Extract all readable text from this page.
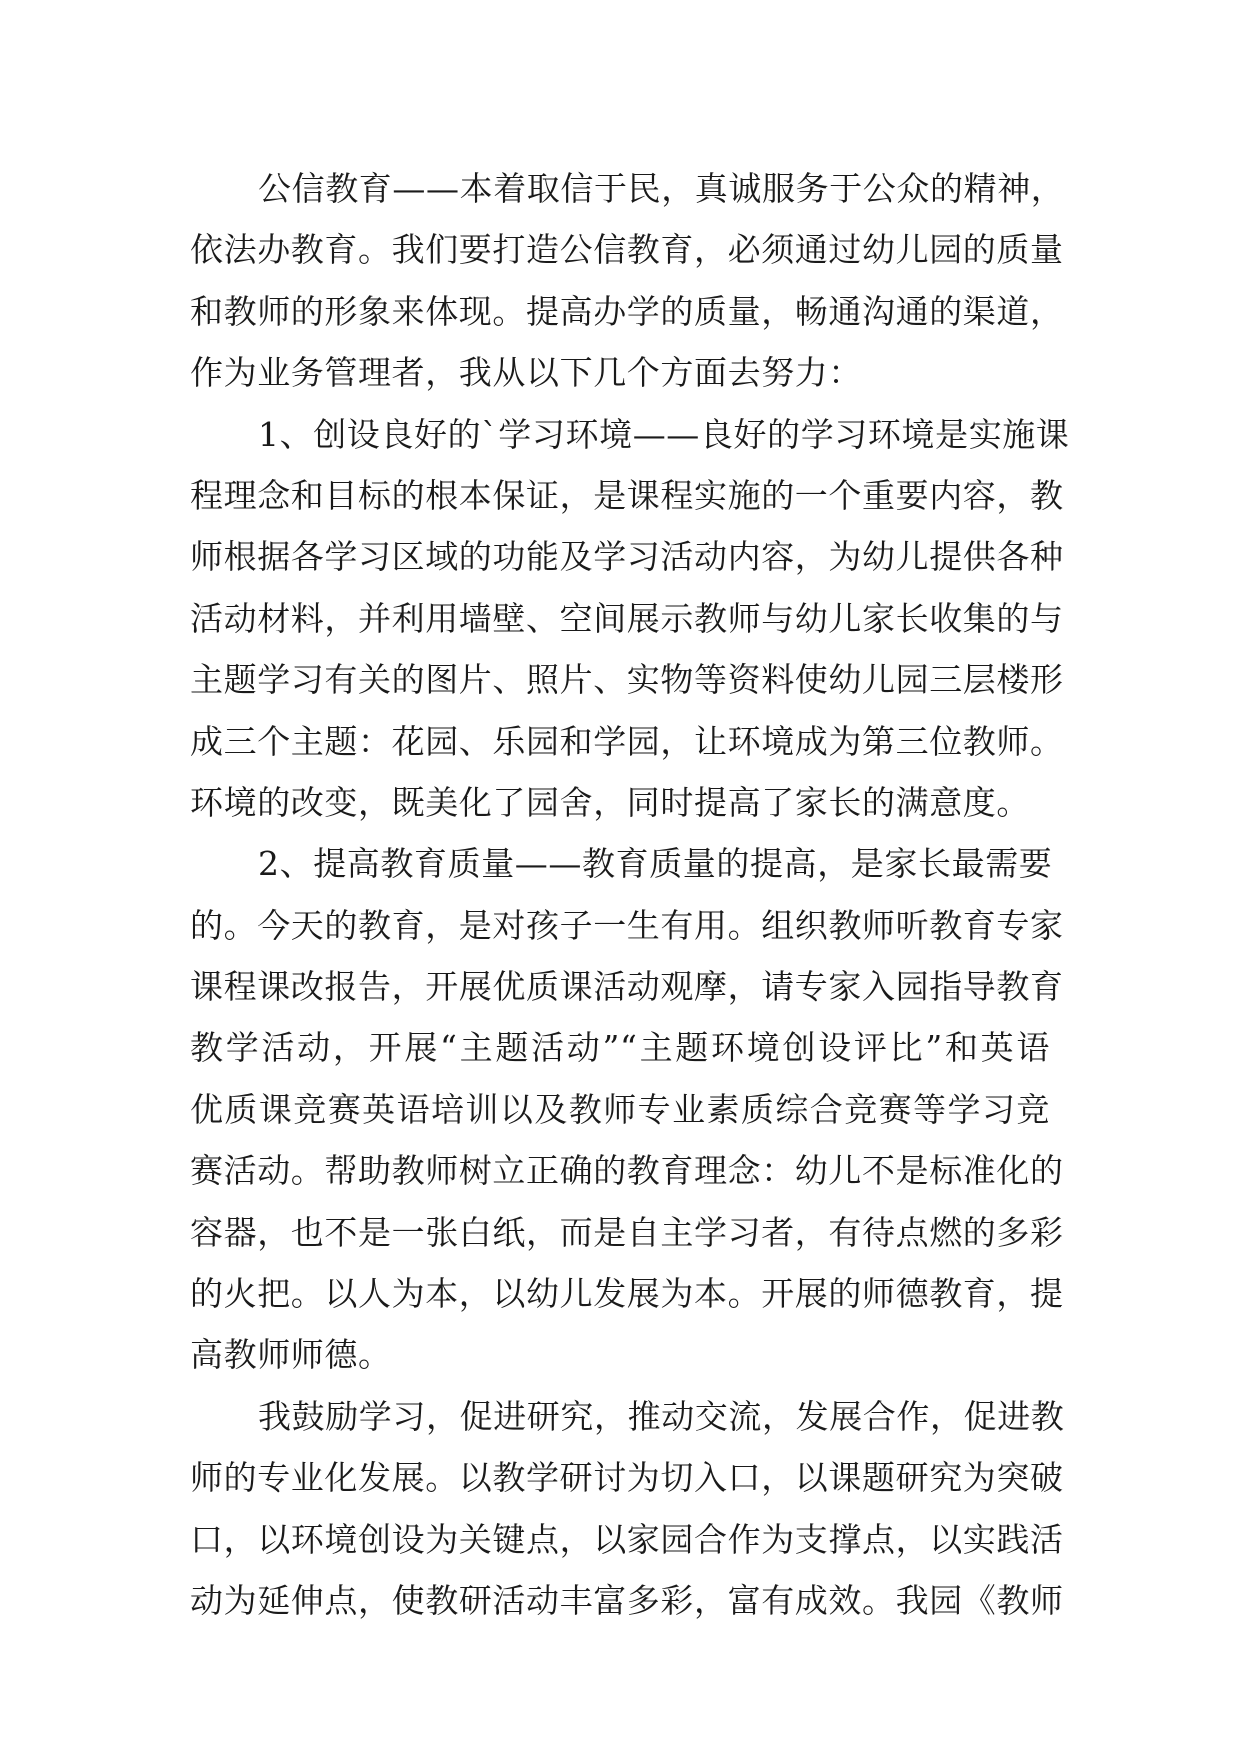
公信教育——本着取信于民，真诚服务于公众的精神，
依法办教育。我们要打造公信教育，必须通过幼儿园的质量
和教师的形象来体现。提高办学的质量，畅通沟通的渠道，
作为业务管理者，我从以下几个方面去努力：
1、创设良好的`学习环境——良好的学习环境是实施课
程理念和目标的根本保证，是课程实施的一个重要内容，教
师根据各学习区域的功能及学习活动内容，为幼儿提供各种
活动材料，并利用墙壁、空间展示教师与幼儿家长收集的与
主题学习有关的图片、照片、实物等资料使幼儿园三层楼形
成三个主题：花园、乐园和学园，让环境成为第三位教师。
环境的改变，既美化了园舍，同时提高了家长的满意度。
2、提高教育质量——教育质量的提高，是家长最需要
的。今天的教育，是对孩子一生有用。组织教师听教育专家
课程课改报告，开展优质课活动观摩，请专家入园指导教育
教学活动，开展“主题活动”“主题环境创设评比”和英语
优质课竞赛英语培训以及教师专业素质综合竞赛等学习竞
赛活动。帮助教师树立正确的教育理念：幼儿不是标准化的
容器，也不是一张白纸，而是自主学习者，有待点燃的多彩
的火把。以人为本，以幼儿发展为本。开展的师德教育，提
高教师师德。
我鼓励学习，促进研究，推动交流，发展合作，促进教
师的专业化发展。以教学研讨为切入口，以课题研究为突破
口，以环境创设为关键点，以家园合作为支撑点，以实践活
动为延伸点，使教研活动丰富多彩，富有成效。我园《教师
